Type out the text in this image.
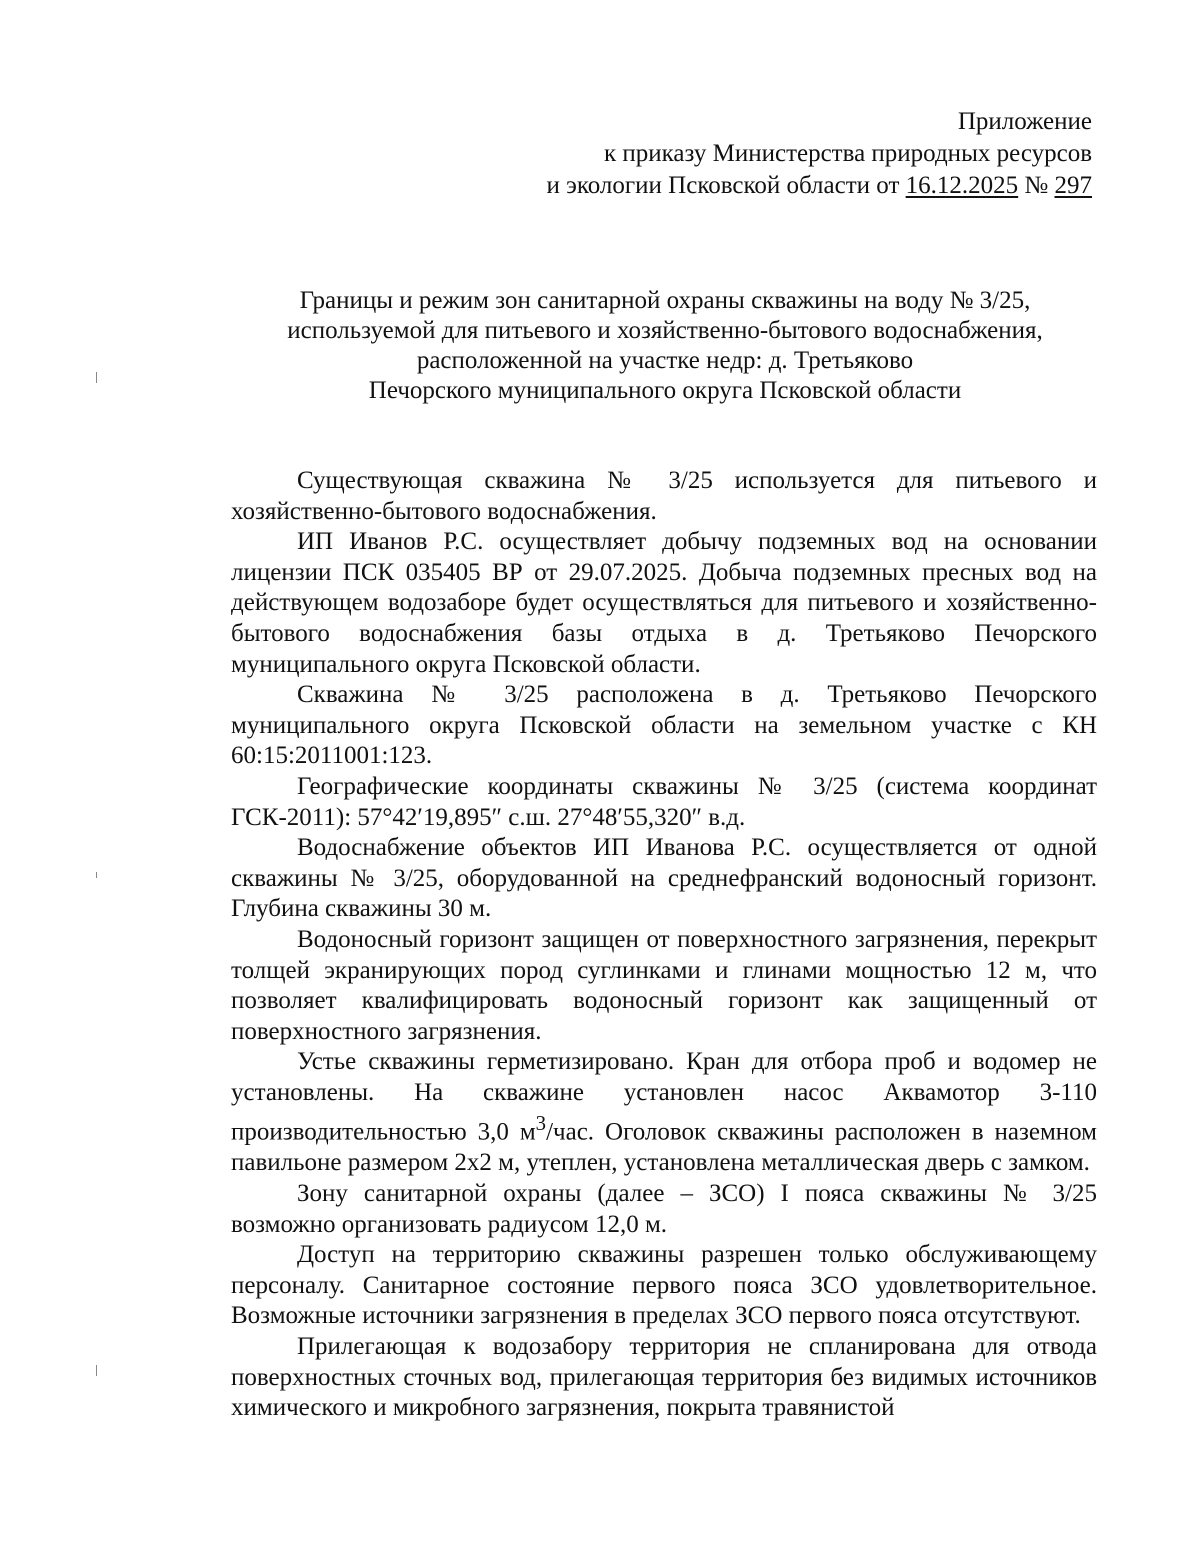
Приложение
к приказу Министерства природных ресурсов
и экологии Псковской области от 16.12.2025 № 297
Границы и режим зон санитарной охраны скважины на воду № 3/25,
используемой для питьевого и хозяйственно-бытового водоснабжения,
расположенной на участке недр: д. Третьяково
Печорского муниципального округа Псковской области

Существующая скважина № 3/25 используется для питьевого и хозяйственно-бытового водоснабжения.

ИП Иванов Р.С. осуществляет добычу подземных вод на основании лицензии ПСК 035405 ВР от 29.07.2025. Добыча подземных пресных вод на действующем водозаборе будет осуществляться для питьевого и хозяйственно-бытового водоснабжения базы отдыха в д. Третьяково Печорского муниципального округа Псковской области.

Скважина № 3/25 расположена в д. Третьяково Печорского муниципального округа Псковской области на земельном участке с КН 60:15:2011001:123.

Географические координаты скважины № 3/25 (система координат ГСК-2011): 57°42′19,895″ с.ш. 27°48′55,320″ в.д.

Водоснабжение объектов ИП Иванова Р.С. осуществляется от одной скважины № 3/25, оборудованной на среднефранский водоносный горизонт. Глубина скважины 30 м.

Водоносный горизонт защищен от поверхностного загрязнения, перекрыт толщей экранирующих пород суглинками и глинами мощностью 12 м, что позволяет квалифицировать водоносный горизонт как защищенный от поверхностного загрязнения.

Устье скважины герметизировано. Кран для отбора проб и водомер не установлены. На скважине установлен насос Аквамотор 3-110 производительностью 3,0 $м^3$/час. Оголовок скважины расположен в наземном павильоне размером 2х2 м, утеплен, установлена металлическая дверь с замком.

Зону санитарной охраны (далее – ЗСО) I пояса скважины № 3/25 возможно организовать радиусом 12,0 м.

Доступ на территорию скважины разрешен только обслуживающему персоналу. Санитарное состояние первого пояса ЗСО удовлетворительное. Возможные источники загрязнения в пределах ЗСО первого пояса отсутствуют.

Прилегающая к водозабору территория не спланирована для отвода поверхностных сточных вод, прилегающая территория без видимых источников химического и микробного загрязнения, покрыта травянистой
